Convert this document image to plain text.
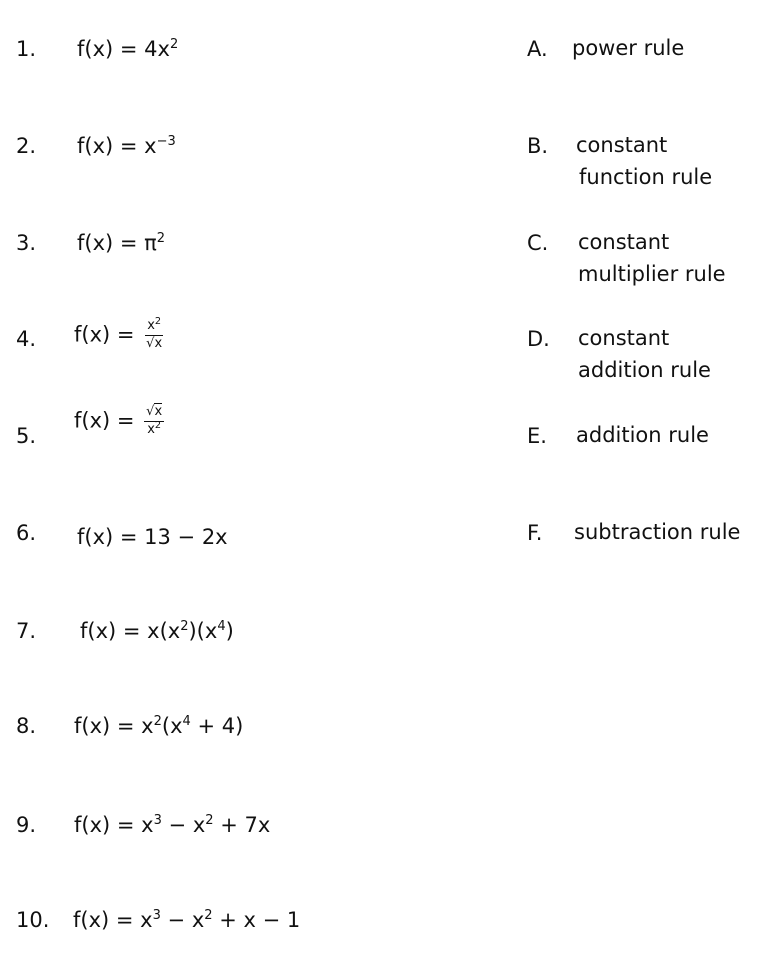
1. $f(x) = 4x^2$
2. $f(x) = x^{-3}$
3. $f(x) = \pi^2$
4. $f(x) = \frac{x^2}{√x}$
5.
$f(x) = \frac{√x}{x^2}$
6. f(x) = 13 − 2x
7. $f(x) = x(x^2)(x^4)$
8. $f(x) = x^2(x^4 + 4)$
9. $f(x) = x^3 - x^2 + 7x$
10. $f(x) = x^3 - x^2 + x - 1$
A. power rule
B. constant
function rule
C. constant
multiplier rule
D. constant
addition rule
E. addition rule
F. subtraction rule
